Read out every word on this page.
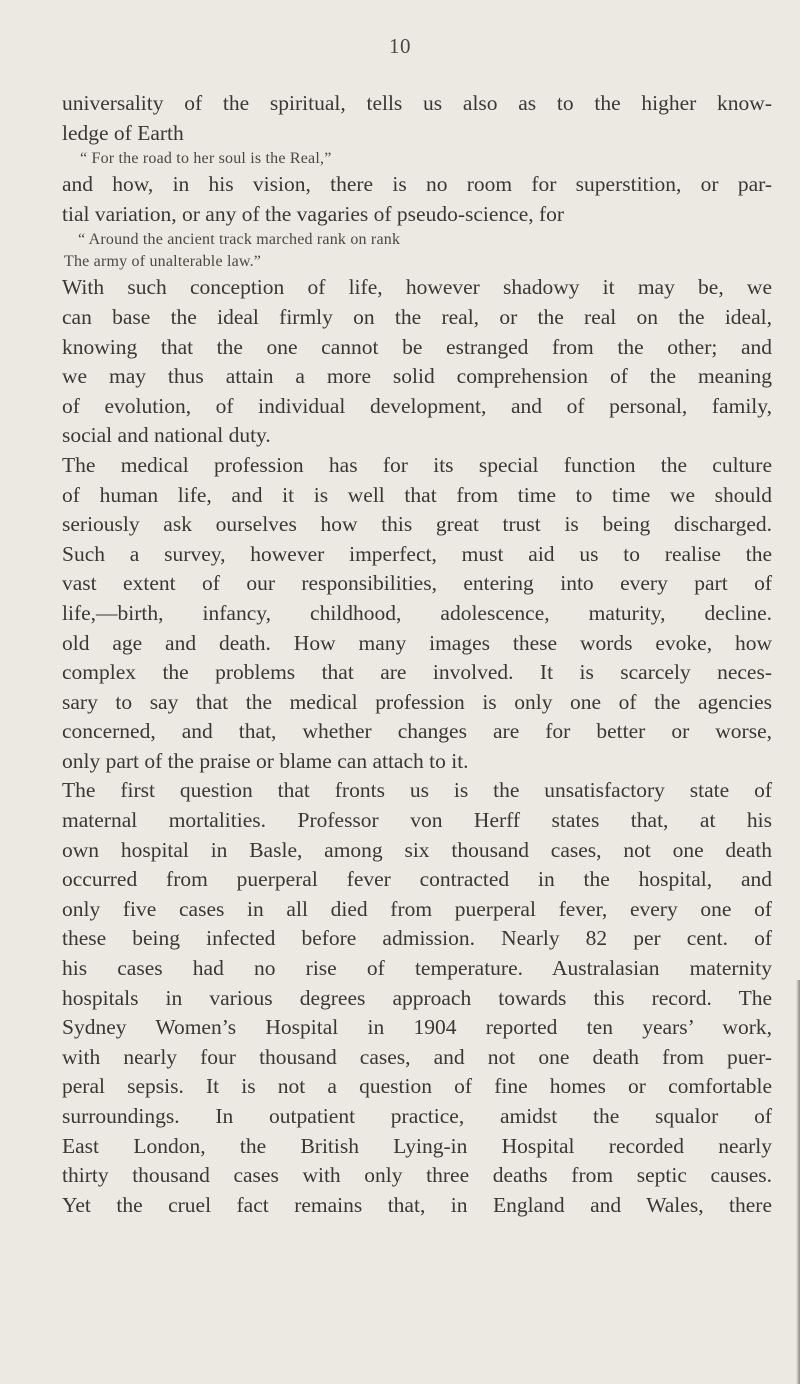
10
universality of the spiritual, tells us also as to the higher know-
ledge of Earth
“ For the road to her soul is the Real,”
and how, in his vision, there is no room for superstition, or par-
tial variation, or any of the vagaries of pseudo-science, for
“ Around the ancient track marched rank on rank
The army of unalterable law.”
With such conception of life, however shadowy it may be, we
can base the ideal firmly on the real, or the real on the ideal,
knowing that the one cannot be estranged from the other; and
we may thus attain a more solid comprehension of the meaning
of evolution, of individual development, and of personal, family,
social and national duty.
The medical profession has for its special function the culture
of human life, and it is well that from time to time we should
seriously ask ourselves how this great trust is being discharged.
Such a survey, however imperfect, must aid us to realise the
vast extent of our responsibilities, entering into every part of
life,—birth, infancy, childhood, adolescence, maturity, decline.
old age and death. How many images these words evoke, how
complex the problems that are involved. It is scarcely neces-
sary to say that the medical profession is only one of the agencies
concerned, and that, whether changes are for better or worse,
only part of the praise or blame can attach to it.
The first question that fronts us is the unsatisfactory state of
maternal mortalities. Professor von Herff states that, at his
own hospital in Basle, among six thousand cases, not one death
occurred from puerperal fever contracted in the hospital, and
only five cases in all died from puerperal fever, every one of
these being infected before admission. Nearly 82 per cent. of
his cases had no rise of temperature. Australasian maternity
hospitals in various degrees approach towards this record. The
Sydney Women’s Hospital in 1904 reported ten years’ work,
with nearly four thousand cases, and not one death from puer-
peral sepsis. It is not a question of fine homes or comfortable
surroundings. In outpatient practice, amidst the squalor of
East London, the British Lying-in Hospital recorded nearly
thirty thousand cases with only three deaths from septic causes.
Yet the cruel fact remains that, in England and Wales, there
